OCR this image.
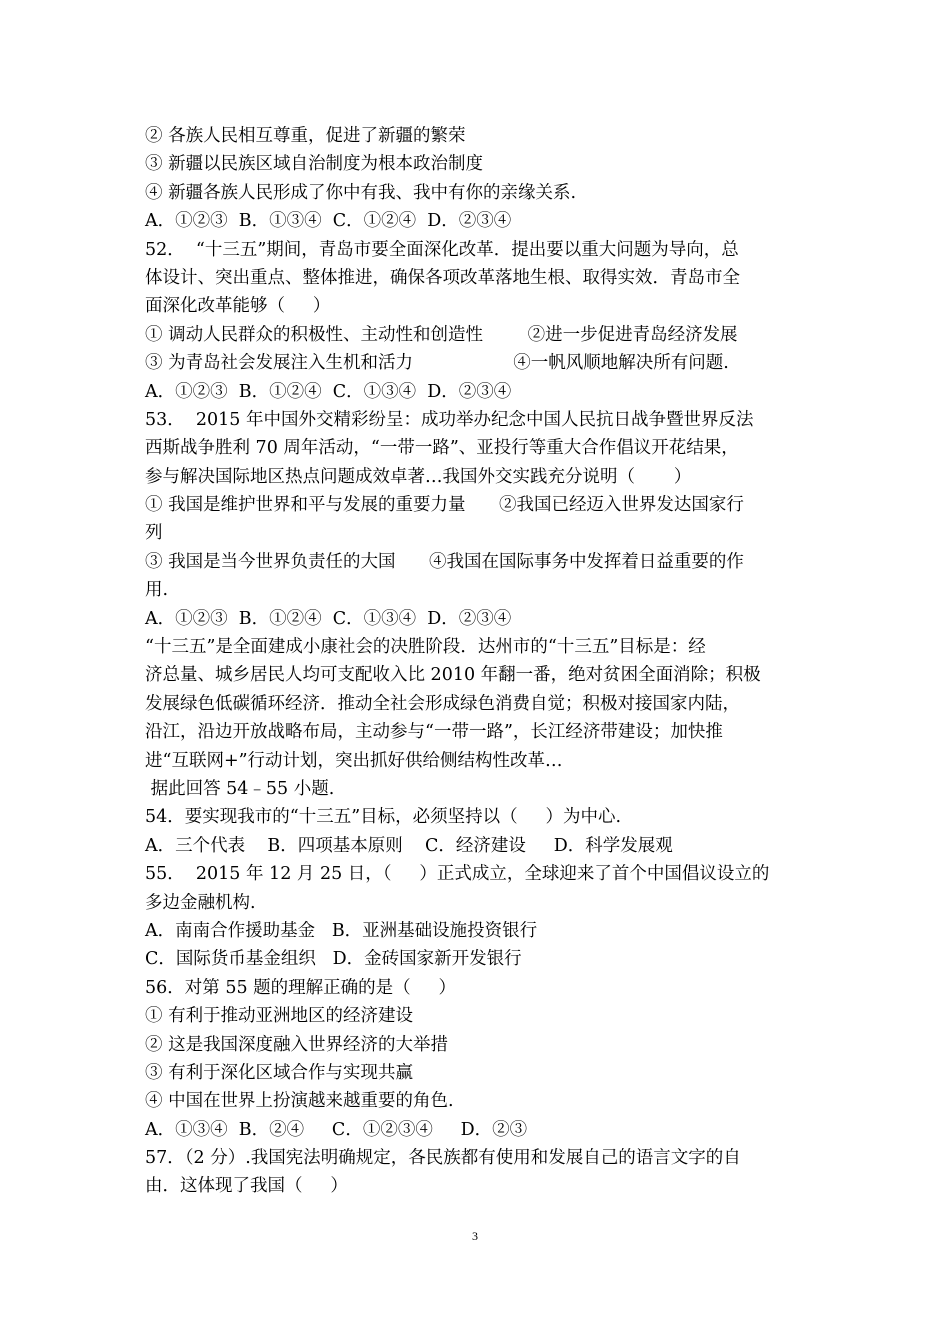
② 各族人民相互尊重，促进了新疆的繁荣
③ 新疆以民族区域自治制度为根本政治制度
④ 新疆各族人民形成了你中有我、我中有你的亲缘关系.
A．①②③  B．①③④  C．①②④  D．②③④
52．  “十三五”期间，青岛市要全面深化改革．提出要以重大问题为导向，总
体设计、突出重点、整体推进，确保各项改革落地生根、取得实效．青岛市全
面深化改革能够（     ）
① 调动人民群众的积极性、主动性和创造性        ②进一步促进青岛经济发展
③ 为青岛社会发展注入生机和活力                  ④一帆风顺地解决所有问题.
A．①②③  B．①②④  C．①③④  D．②③④
53．  2015 年中国外交精彩纷呈：成功举办纪念中国人民抗日战争暨世界反法
西斯战争胜利 70 周年活动，“一带一路”、亚投行等重大合作倡议开花结果，
参与解决国际地区热点问题成效卓著…我国外交实践充分说明（       ）
① 我国是维护世界和平与发展的重要力量      ②我国已经迈入世界发达国家行
列
③ 我国是当今世界负责任的大国      ④我国在国际事务中发挥着日益重要的作
用.
A．①②③  B．①②④  C．①③④  D．②③④
“十三五”是全面建成小康社会的决胜阶段．达州市的“十三五”目标是：经
济总量、城乡居民人均可支配收入比 2010 年翻一番，绝对贫困全面消除；积极
发展绿色低碳循环经济．推动全社会形成绿色消费自觉；积极对接国家内陆，
沿江，沿边开放战略布局，主动参与“一带一路”，长江经济带建设；加快推
进“互联网+”行动计划，突出抓好供给侧结构性改革…
据此回答 54﹣55 小题.
54．要实现我市的“十三五”目标，必须坚持以（     ）为中心.
A．三个代表    B．四项基本原则    C．经济建设     D．科学发展观
55．  2015 年 12 月 25 日，（     ）正式成立，全球迎来了首个中国倡议设立的
多边金融机构.
A．南南合作援助基金   B．亚洲基础设施投资银行
C．国际货币基金组织   D．金砖国家新开发银行
56．对第 55 题的理解正确的是（     ）
① 有利于推动亚洲地区的经济建设
② 这是我国深度融入世界经济的大举措
③ 有利于深化区域合作与实现共赢
④ 中国在世界上扮演越来越重要的角色.
A．①③④  B．②④     C．①②③④     D．②③
57．（2 分）.我国宪法明确规定，各民族都有使用和发展自己的语言文字的自
由．这体现了我国（     ）
3
